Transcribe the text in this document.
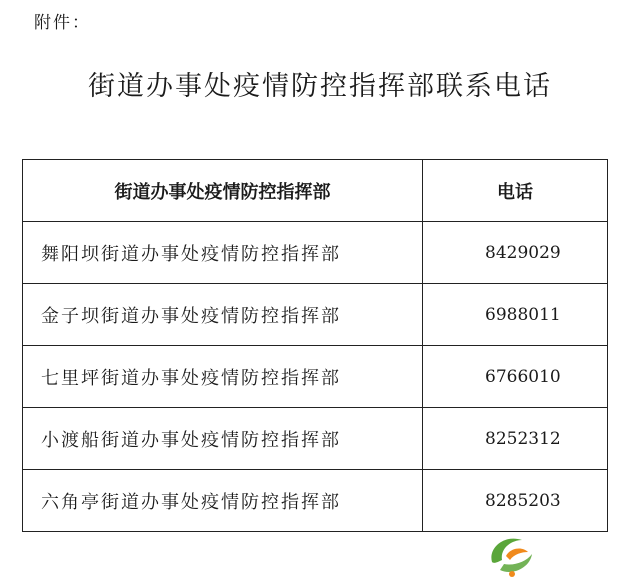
附件：
街道办事处疫情防控指挥部联系电话
街道办事处疫情防控指挥部	电话
舞阳坝街道办事处疫情防控指挥部	8429029
金子坝街道办事处疫情防控指挥部	6988011
七里坪街道办事处疫情防控指挥部	6766010
小渡船街道办事处疫情防控指挥部	8252312
六角亭街道办事处疫情防控指挥部	8285203
